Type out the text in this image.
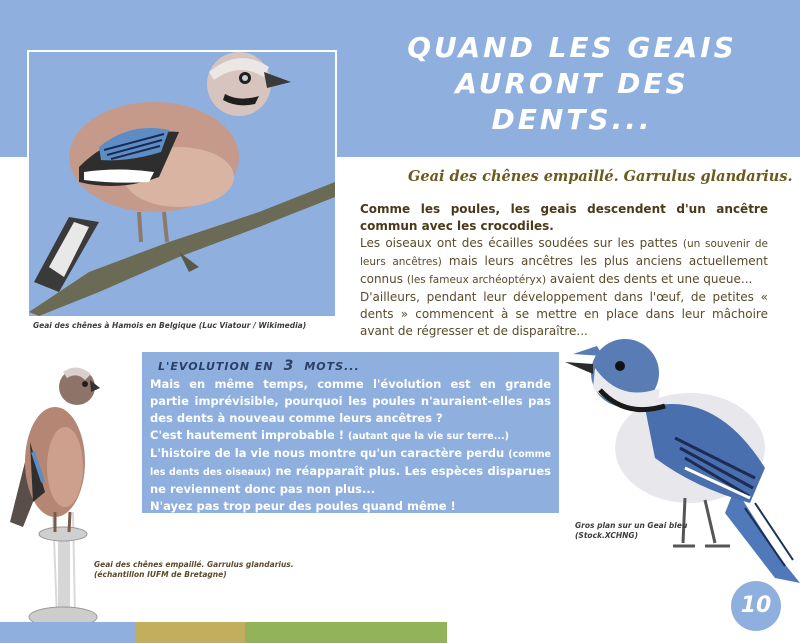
QUAND LES GEAIS
AURONT DES DENTS...
Geai des chênes à Hamois en Belgique (Luc Viatour / Wikimedia)
Geai des chênes empaillé. Garrulus glandarius.
Comme les poules, les geais descendent d'un ancêtre commun avec les crocodiles.
Les oiseaux ont des écailles soudées sur les pattes (un souvenir de leurs ancêtres) mais leurs ancêtres les plus anciens actuellement connus (les fameux archéoptéryx) avaient des dents et une queue...
D'ailleurs, pendant leur développement dans l'œuf, de petites « dents » commencent à se mettre en place dans leur mâchoire avant de régresser et de disparaître...
L'EVOLUTION EN 3 MOTS...
Mais en même temps, comme l'évolution est en grande partie imprévisible, pourquoi les poules n'auraient-elles pas des dents à nouveau comme leurs ancêtres ?
C'est hautement improbable ! (autant que la vie sur terre...)
L'histoire de la vie nous montre qu'un caractère perdu (comme les dents des oiseaux) ne réapparaît plus. Les espèces disparues ne reviennent donc pas non plus...
N'ayez pas trop peur des poules quand même !
Geai des chênes empaillé. Garrulus glandarius.
(échantillon IUFM de Bretagne)
Gros plan sur un Geai bleu
(Stock.XCHNG)
10
